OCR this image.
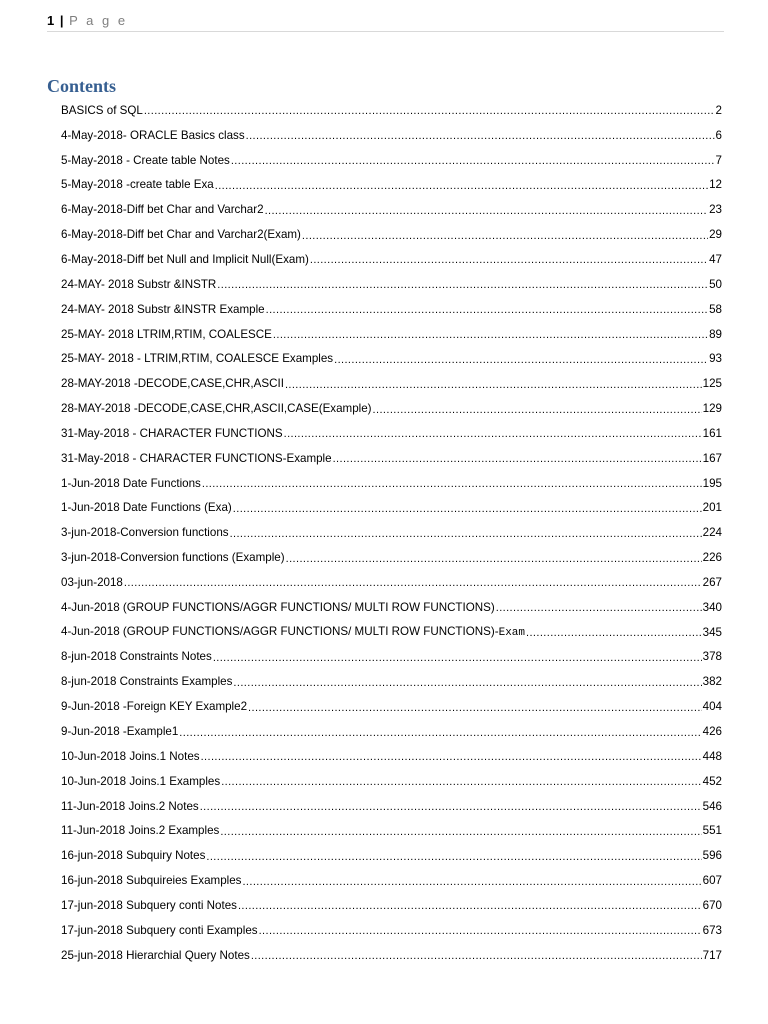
1 | P a g e
Contents
BASICS of SQL .....	2
4-May-2018- ORACLE Basics class .....	6
5-May-2018 - Create table Notes .....	7
5-May-2018 -create table Exa .....	12
6-May-2018-Diff bet Char and Varchar2 .....	23
6-May-2018-Diff bet Char and Varchar2(Exam) .....	29
6-May-2018-Diff bet Null and Implicit Null(Exam) .....	47
24-MAY- 2018 Substr &INSTR .....	50
24-MAY- 2018 Substr &INSTR Example .....	58
25-MAY- 2018 LTRIM,RTIM, COALESCE .....	89
25-MAY- 2018 - LTRIM,RTIM, COALESCE Examples .....	93
28-MAY-2018 -DECODE,CASE,CHR,ASCII .....	125
28-MAY-2018 -DECODE,CASE,CHR,ASCII,CASE(Example) .....	129
31-May-2018 - CHARACTER FUNCTIONS .....	161
31-May-2018 - CHARACTER FUNCTIONS-Example .....	167
1-Jun-2018 Date Functions .....	195
1-Jun-2018 Date Functions (Exa) .....	201
3-jun-2018-Conversion functions .....	224
3-jun-2018-Conversion functions (Example) .....	226
03-jun-2018 .....	267
4-Jun-2018 (GROUP FUNCTIONS/AGGR FUNCTIONS/ MULTI ROW FUNCTIONS) .....	340
4-Jun-2018 (GROUP FUNCTIONS/AGGR FUNCTIONS/ MULTI ROW FUNCTIONS)-Exam .....	345
8-jun-2018 Constraints Notes .....	378
8-jun-2018 Constraints Examples .....	382
9-Jun-2018 -Foreign KEY Example2 .....	404
9-Jun-2018 -Example1 .....	426
10-Jun-2018 Joins.1 Notes .....	448
10-Jun-2018 Joins.1 Examples .....	452
11-Jun-2018 Joins.2 Notes .....	546
11-Jun-2018 Joins.2 Examples .....	551
16-jun-2018 Subquiry Notes .....	596
16-jun-2018 Subquireies Examples .....	607
17-jun-2018 Subquery conti Notes .....	670
17-jun-2018 Subquery conti Examples .....	673
25-jun-2018 Hierarchial Query Notes .....	717
